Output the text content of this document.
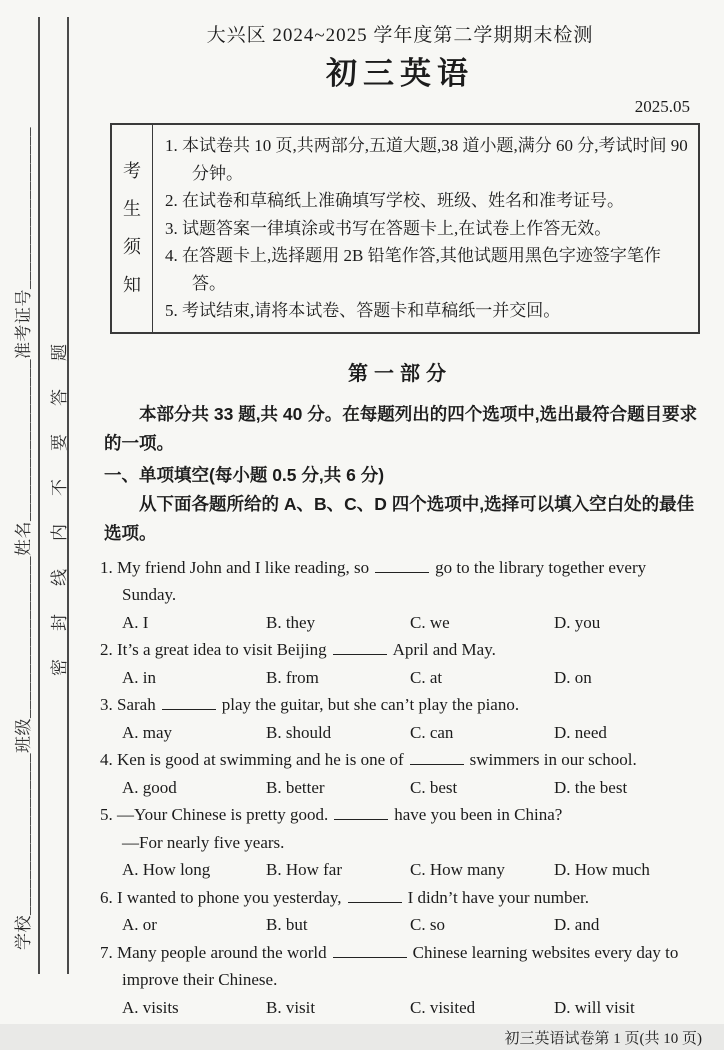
学校__________________班级__________________姓名__________________准考证号__________________ 密封线内不要答题
大兴区 2024~2025 学年度第二学期期末检测
初三英语
2025.05
考生须知
1. 本试卷共 10 页,共两部分,五道大题,38 道小题,满分 60 分,考试时间 90 分钟。
2. 在试卷和草稿纸上准确填写学校、班级、姓名和准考证号。
3. 试题答案一律填涂或书写在答题卡上,在试卷上作答无效。
4. 在答题卡上,选择题用 2B 铅笔作答,其他试题用黑色字迹签字笔作答。
5. 考试结束,请将本试卷、答题卡和草稿纸一并交回。
第一部分
本部分共 33 题,共 40 分。在每题列出的四个选项中,选出最符合题目要求的一项。
一、单项填空(每小题 0.5 分,共 6 分)
从下面各题所给的 A、B、C、D 四个选项中,选择可以填入空白处的最佳选项。
1. My friend John and I like reading, so	go to the library together every Sunday.
A. I	B. they	C. we	D. you
2. It’s a great idea to visit Beijing	April and May.
A. in	B. from	C. at	D. on
3. Sarah	play the guitar, but she can’t play the piano.
A. may	B. should	C. can	D. need
4. Ken is good at swimming and he is one of	swimmers in our school.
A. good	B. better	C. best	D. the best
5. —Your Chinese is pretty good.	have you been in China?
—For nearly five years.
A. How long	B. How far	C. How many	D. How much
6. I wanted to phone you yesterday,	I didn’t have your number.
A. or	B. but	C. so	D. and
7. Many people around the world	Chinese learning websites every day to improve their Chinese.
A. visits	B. visit	C. visited	D. will visit
初三英语试卷第 1 页(共 10 页)
